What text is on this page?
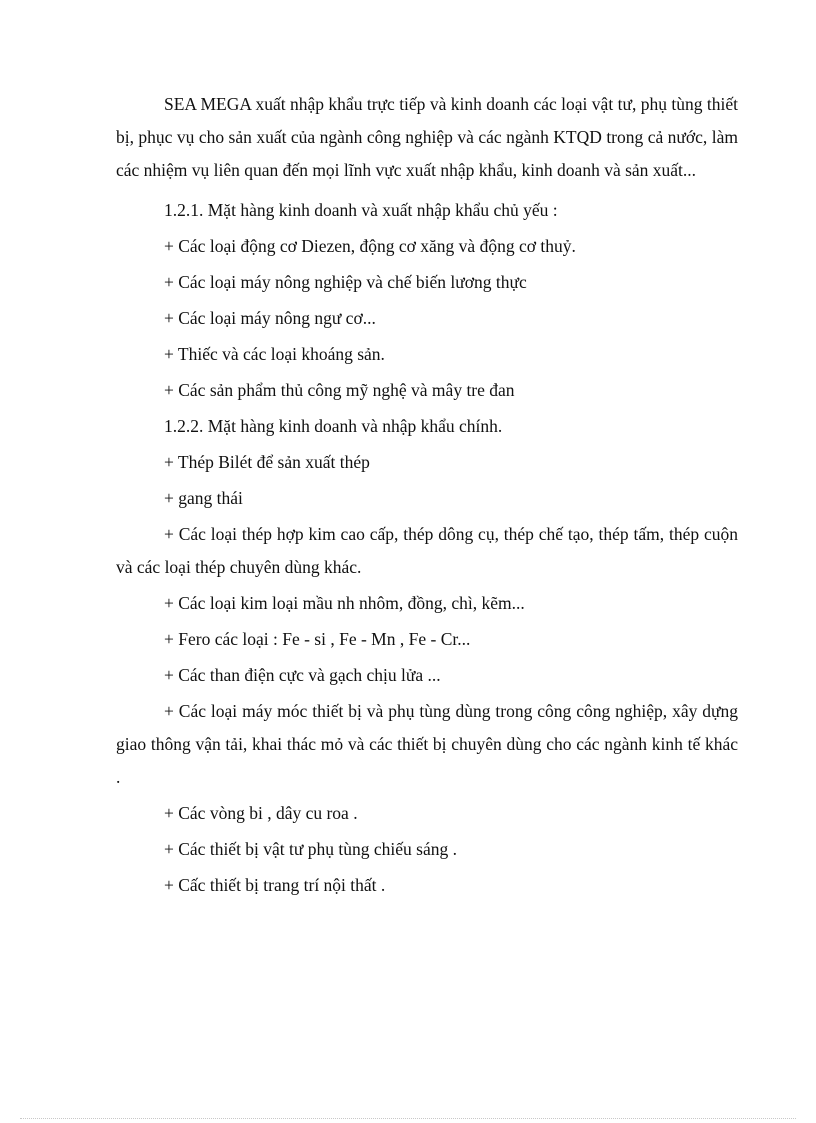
SEA MEGA xuất nhập khẩu trực tiếp và kinh doanh các loại vật tư, phụ tùng thiết bị, phục vụ cho sản xuất của ngành công nghiệp và các ngành KTQD trong cả nước, làm các nhiệm vụ liên quan đến mọi lĩnh vực xuất nhập khẩu, kinh doanh và sản xuất...

1.2.1. Mặt hàng kinh doanh và xuất nhập khẩu chủ yếu :

+ Các loại động cơ Diezen, động cơ xăng và động cơ thuỷ.

+ Các loại máy nông nghiệp và chế biến lương thực

+ Các loại máy nông ngư cơ...

+ Thiếc và các loại khoáng sản.

+ Các sản phẩm thủ công mỹ nghệ và mây tre đan

1.2.2. Mặt hàng kinh doanh và nhập khẩu chính.

+ Thép Bilét để sản xuất thép

+ gang thái

+ Các loại thép hợp kim cao cấp, thép dông cụ, thép chế tạo, thép tấm, thép cuộn và các loại thép chuyên dùng khác.

+ Các loại kim loại mầu nh nhôm, đồng, chì, kẽm...

+ Fero các loại : Fe - si , Fe - Mn , Fe - Cr...

+ Các than điện cực và gạch chịu lửa ...

+ Các loại máy móc thiết bị và phụ tùng dùng trong công công nghiệp, xây dựng giao thông vận tải, khai thác mỏ và các thiết bị chuyên dùng cho các ngành kinh tế khác .

+ Các vòng bi , dây cu roa .

+ Các thiết bị vật tư phụ tùng chiếu sáng .

+ Cấc thiết bị trang trí nội thất .
